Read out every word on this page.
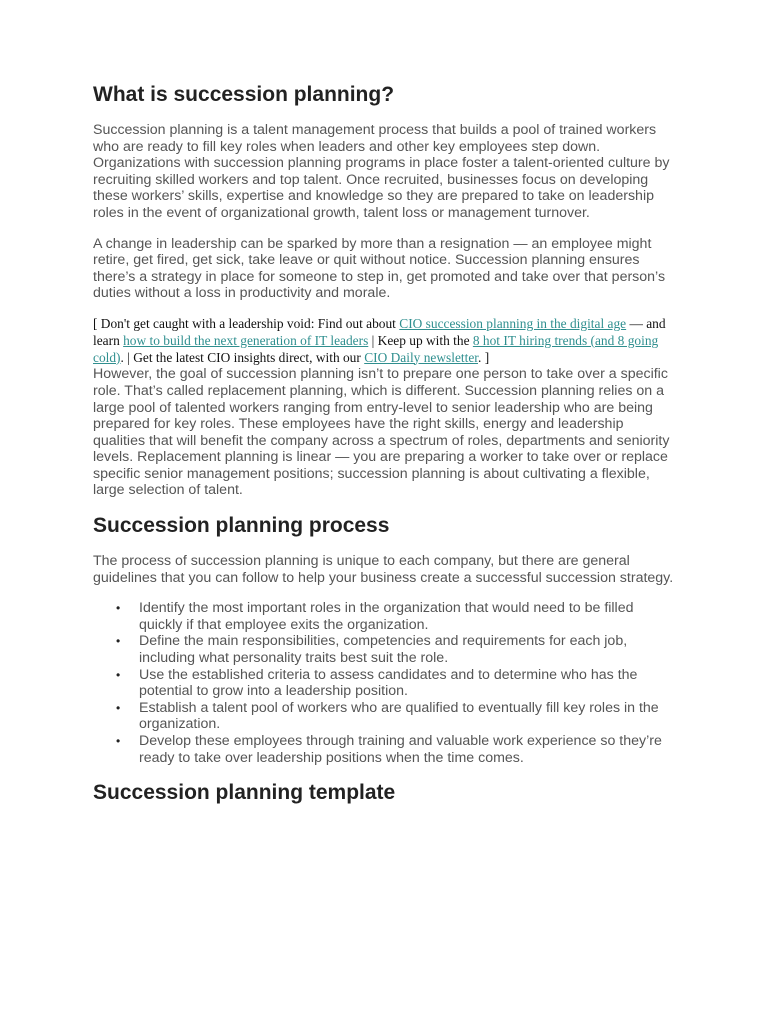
What is succession planning?

Succession planning is a talent management process that builds a pool of trained workers who are ready to fill key roles when leaders and other key employees step down. Organizations with succession planning programs in place foster a talent-oriented culture by recruiting skilled workers and top talent. Once recruited, businesses focus on developing these workers’ skills, expertise and knowledge so they are prepared to take on leadership roles in the event of organizational growth, talent loss or management turnover.

A change in leadership can be sparked by more than a resignation — an employee might retire, get fired, get sick, take leave or quit without notice. Succession planning ensures there’s a strategy in place for someone to step in, get promoted and take over that person’s duties without a loss in productivity and morale.

[ Don't get caught with a leadership void: Find out about CIO succession planning in the digital age — and learn how to build the next generation of IT leaders | Keep up with the 8 hot IT hiring trends (and 8 going cold). | Get the latest CIO insights direct, with our CIO Daily newsletter. ]

However, the goal of succession planning isn’t to prepare one person to take over a specific role. That’s called replacement planning, which is different. Succession planning relies on a large pool of talented workers ranging from entry-level to senior leadership who are being prepared for key roles. These employees have the right skills, energy and leadership qualities that will benefit the company across a spectrum of roles, departments and seniority levels. Replacement planning is linear — you are preparing a worker to take over or replace specific senior management positions; succession planning is about cultivating a flexible, large selection of talent.

Succession planning process

The process of succession planning is unique to each company, but there are general guidelines that you can follow to help your business create a successful succession strategy.

• Identify the most important roles in the organization that would need to be filled quickly if that employee exits the organization.
• Define the main responsibilities, competencies and requirements for each job, including what personality traits best suit the role.
• Use the established criteria to assess candidates and to determine who has the potential to grow into a leadership position.
• Establish a talent pool of workers who are qualified to eventually fill key roles in the organization.
• Develop these employees through training and valuable work experience so they’re ready to take over leadership positions when the time comes.
Succession planning template
